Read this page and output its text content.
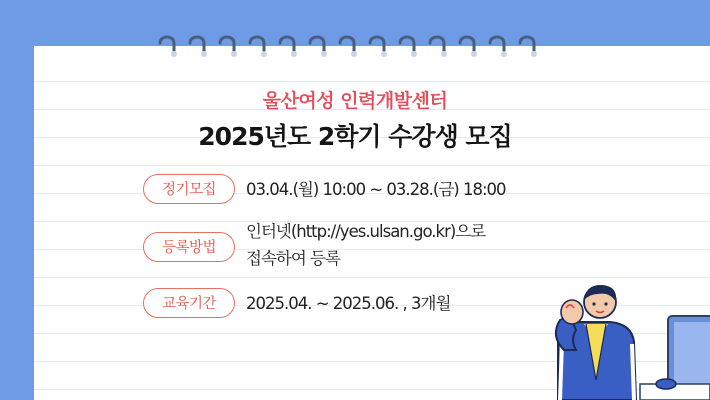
울산여성 인력개발센터
2025년도 2학기 수강생 모집
정기모집	03.04.(월) 10:00 ~ 03.28.(금) 18:00
등록방법
인터넷(http://yes.ulsan.go.kr)으로
접속하여 등록
교육기간	2025.04. ~ 2025.06. , 3개월
